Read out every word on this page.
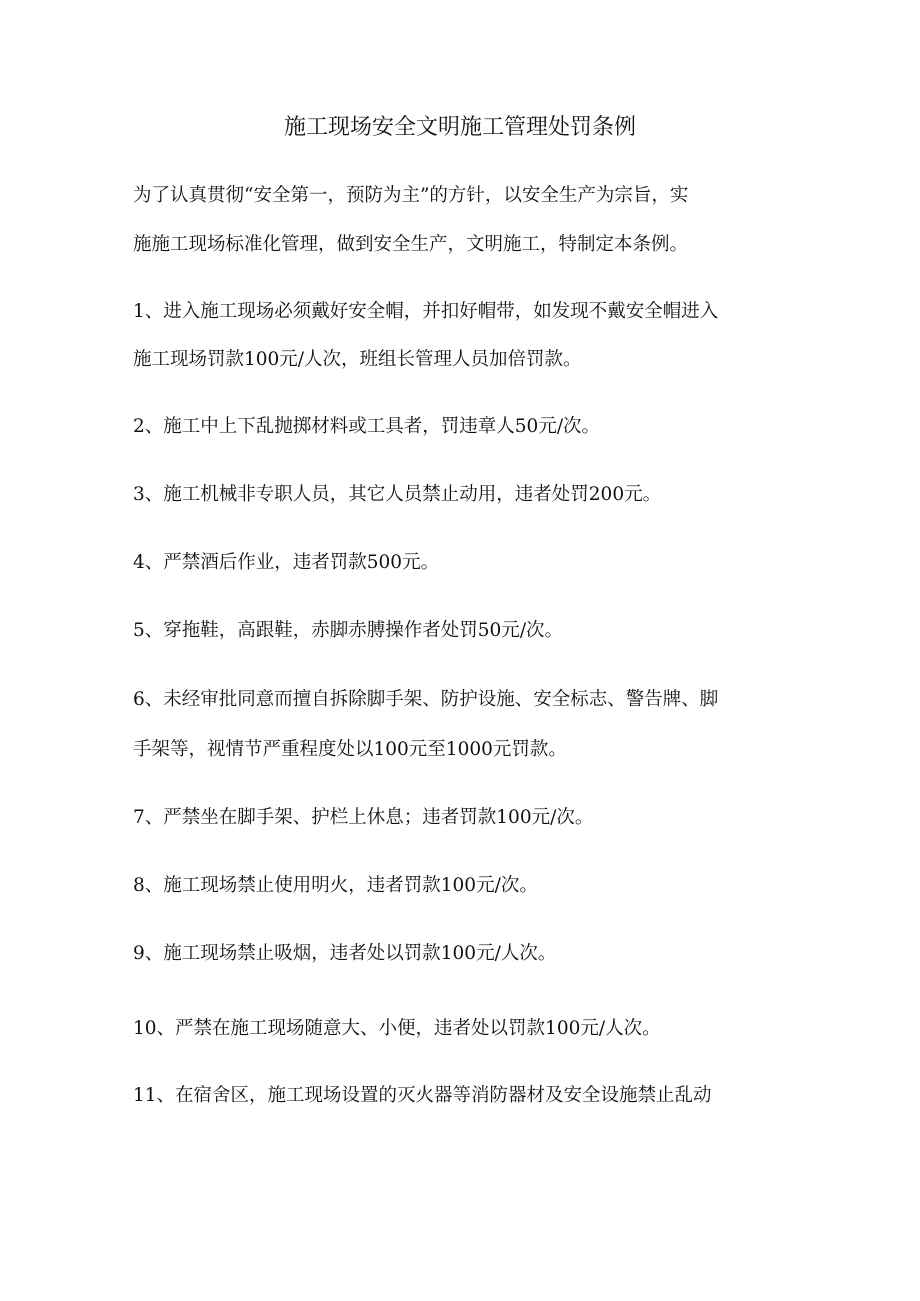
施工现场安全文明施工管理处罚条例
为了认真贯彻“安全第一，预防为主”的方针，以安全生产为宗旨，实
施施工现场标准化管理，做到安全生产，文明施工，特制定本条例。
1、进入施工现场必须戴好安全帽，并扣好帽带，如发现不戴安全帽进入
施工现场罚款100元/人次，班组长管理人员加倍罚款。
2、施工中上下乱抛掷材料或工具者，罚违章人50元/次。
3、施工机械非专职人员，其它人员禁止动用，违者处罚200元。
4、严禁酒后作业，违者罚款500元。
5、穿拖鞋，高跟鞋，赤脚赤膊操作者处罚50元/次。
6、未经审批同意而擅自拆除脚手架、防护设施、安全标志、警告牌、脚
手架等，视情节严重程度处以100元至1000元罚款。
7、严禁坐在脚手架、护栏上休息；违者罚款100元/次。
8、施工现场禁止使用明火，违者罚款100元/次。
9、施工现场禁止吸烟，违者处以罚款100元/人次。
10、严禁在施工现场随意大、小便，违者处以罚款100元/人次。
11、在宿舍区，施工现场设置的灭火器等消防器材及安全设施禁止乱动
